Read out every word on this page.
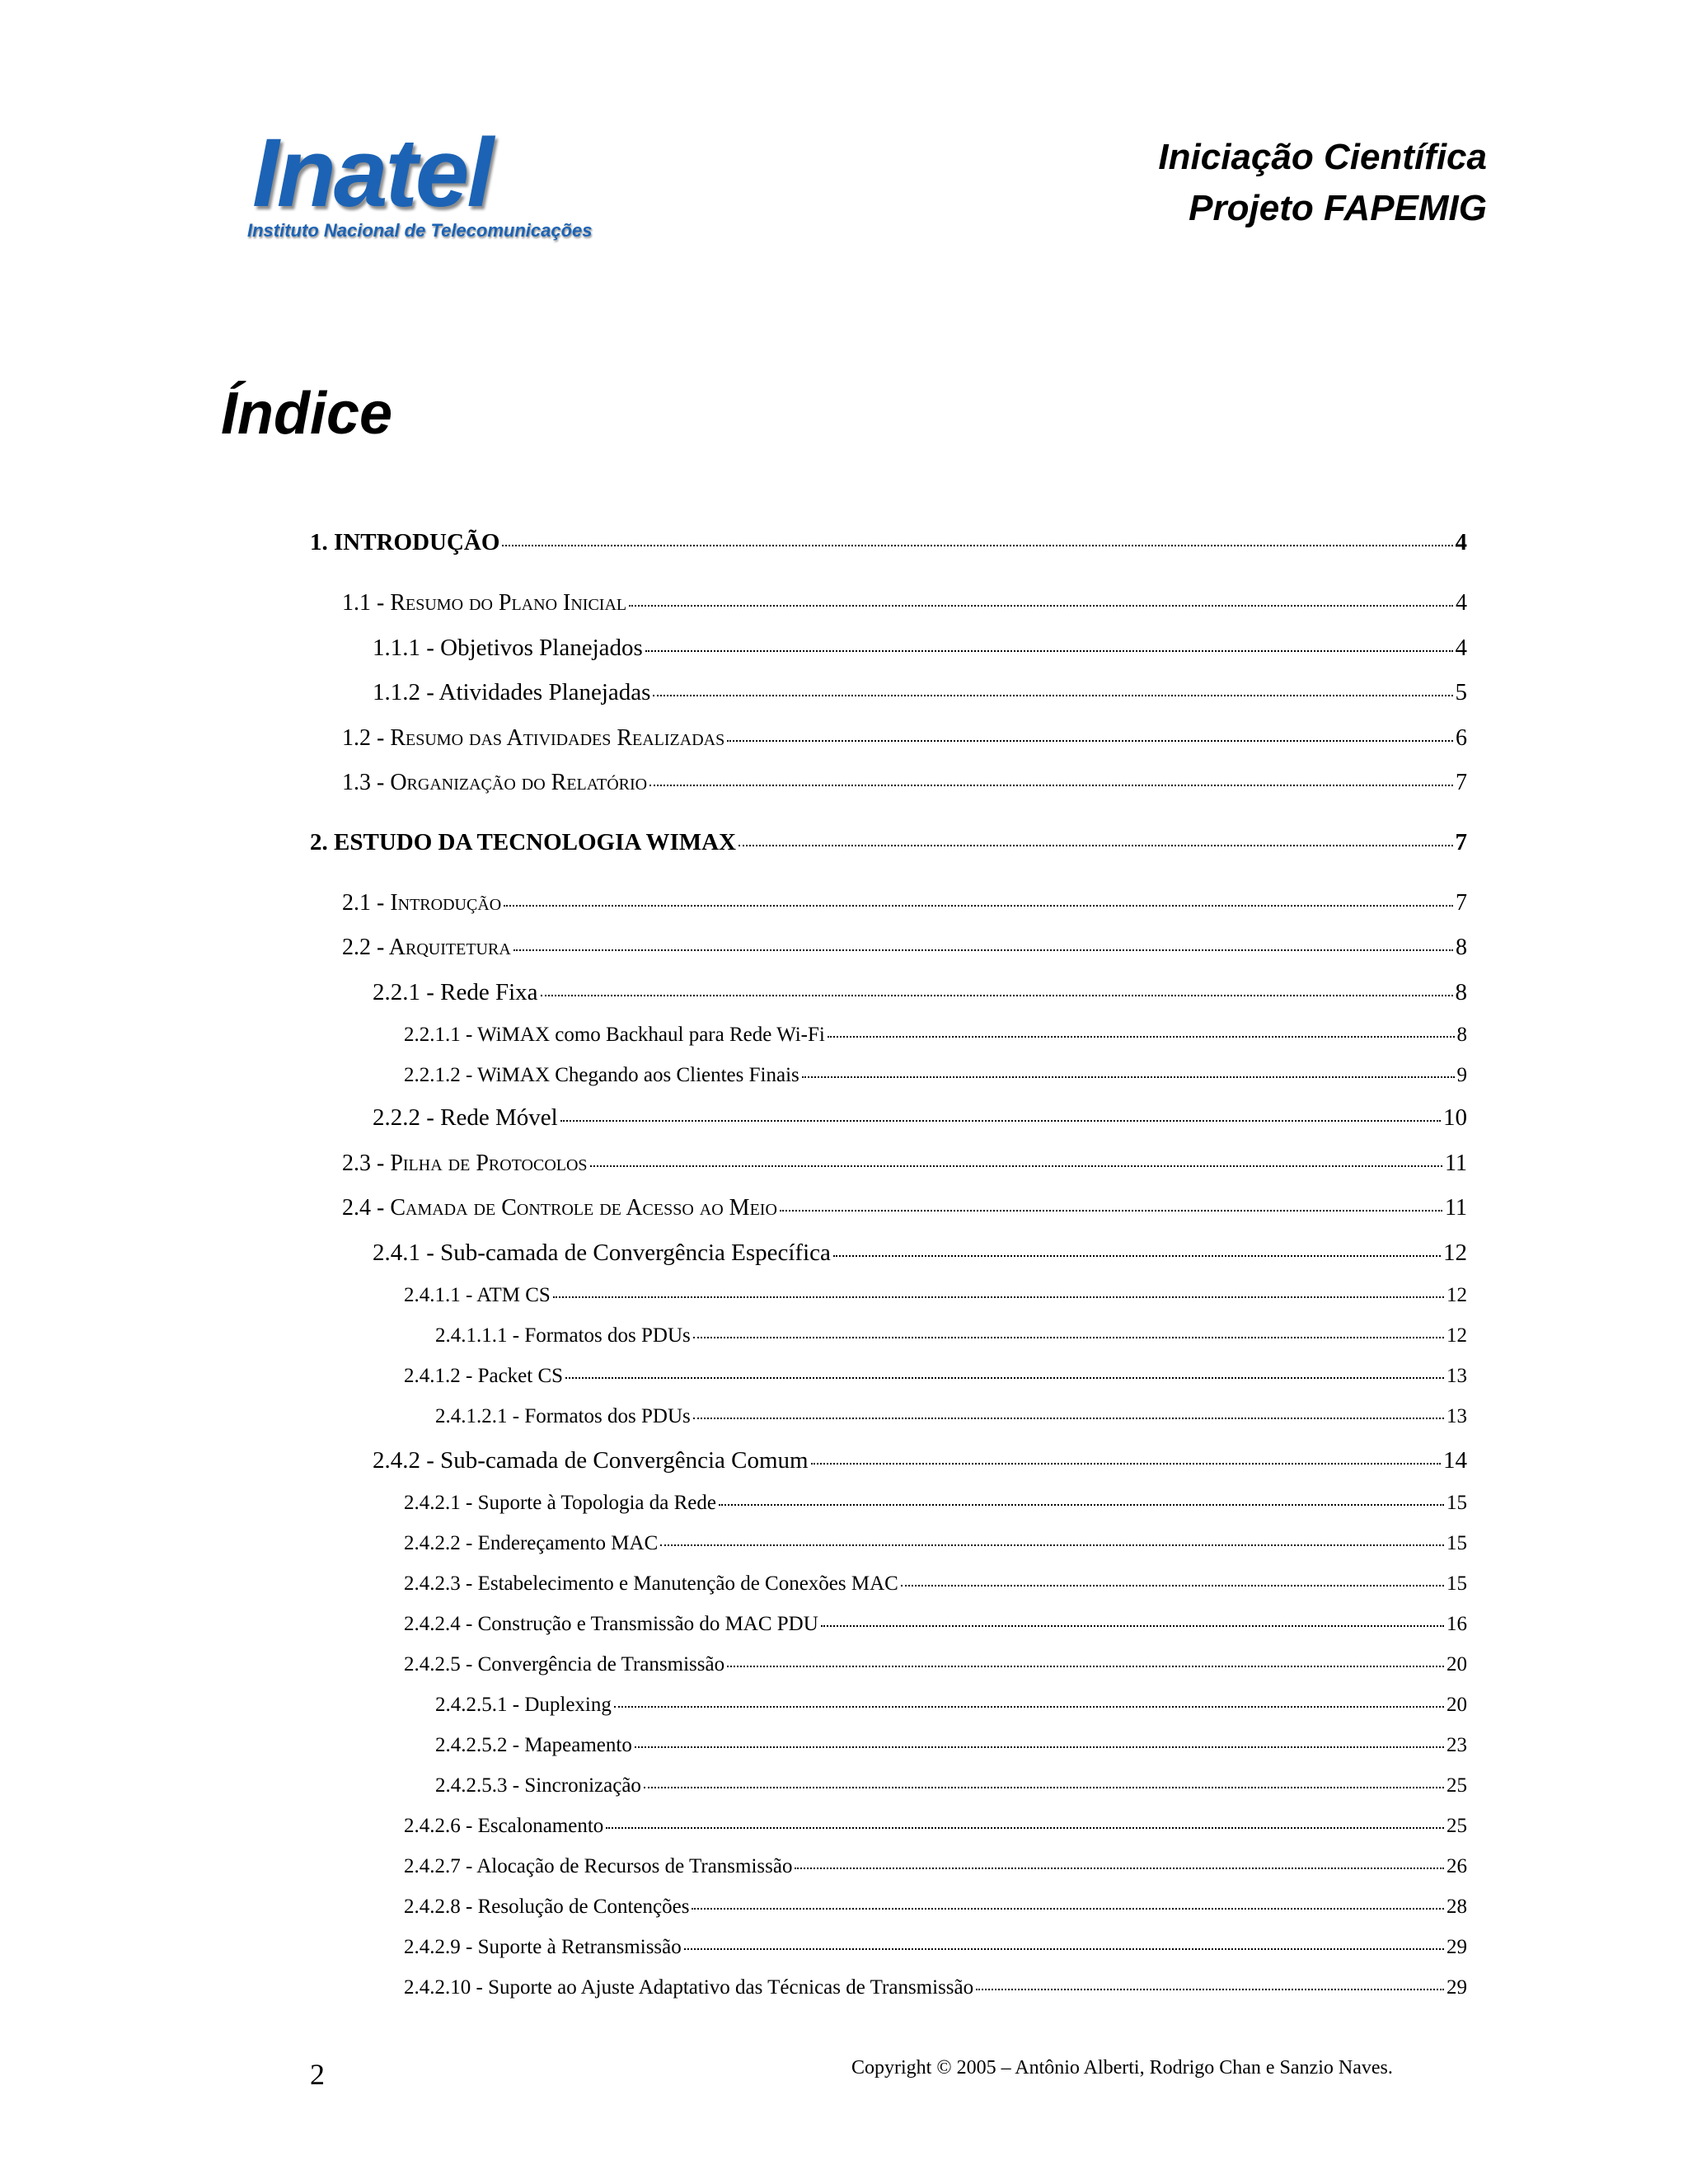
Inatel
Instituto Nacional de Telecomunicações
Iniciação Científica
Projeto FAPEMIG
Índice
1. INTRODUÇÃO	4
1.1 - Resumo do Plano Inicial	4
1.1.1 - Objetivos Planejados	4
1.1.2 - Atividades Planejadas	5
1.2 - Resumo das Atividades Realizadas	6
1.3 - Organização do Relatório	7
2. ESTUDO DA TECNOLOGIA WIMAX	7
2.1 - Introdução	7
2.2 - Arquitetura	8
2.2.1 - Rede Fixa	8
2.2.1.1 - WiMAX como Backhaul para Rede Wi-Fi	8
2.2.1.2 - WiMAX Chegando aos Clientes Finais	9
2.2.2 - Rede Móvel	10
2.3 - Pilha de Protocolos	11
2.4 - Camada de Controle de Acesso ao Meio	11
2.4.1 - Sub-camada de Convergência Específica	12
2.4.1.1 - ATM CS	12
2.4.1.1.1 - Formatos dos PDUs	12
2.4.1.2 - Packet CS	13
2.4.1.2.1 - Formatos dos PDUs	13
2.4.2 - Sub-camada de Convergência Comum	14
2.4.2.1 - Suporte à Topologia da Rede	15
2.4.2.2 - Endereçamento MAC	15
2.4.2.3 - Estabelecimento e Manutenção de Conexões MAC	15
2.4.2.4 - Construção e Transmissão do MAC PDU	16
2.4.2.5 - Convergência de Transmissão	20
2.4.2.5.1 - Duplexing	20
2.4.2.5.2 - Mapeamento	23
2.4.2.5.3 - Sincronização	25
2.4.2.6 - Escalonamento	25
2.4.2.7 - Alocação de Recursos de Transmissão	26
2.4.2.8 - Resolução de Contenções	28
2.4.2.9 - Suporte à Retransmissão	29
2.4.2.10 - Suporte ao Ajuste Adaptativo das Técnicas de Transmissão	29
2	Copyright © 2005 – Antônio Alberti, Rodrigo Chan e Sanzio Naves.
